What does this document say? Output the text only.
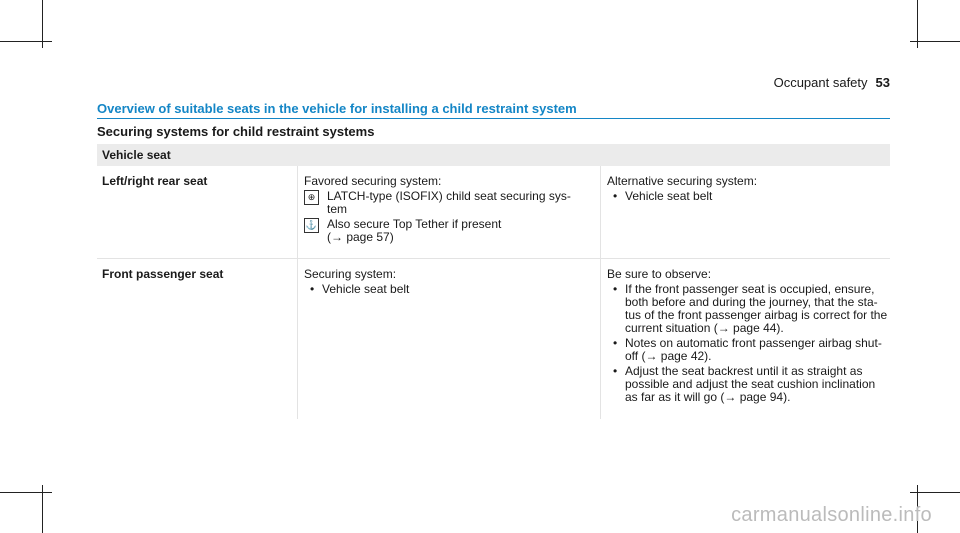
Occupant safety 53
Overview of suitable seats in the vehicle for installing a child restraint system
Securing systems for child restraint systems
Vehicle seat
Left/right rear seat	Favored securing system:
⊕ LATCH-type (ISOFIX) child seat securing sys-
tem
⚓ Also secure Top Tether if present
(→ page 57)
Alternative securing system:
• Vehicle seat belt
Front passenger seat	Securing system:
• Vehicle seat belt
Be sure to observe:
• If the front passenger seat is occupied, ensure,
both before and during the journey, that the sta-
tus of the front passenger airbag is correct for the
current situation (→ page 44).
• Notes on automatic front passenger airbag shut-
off (→ page 42).
• Adjust the seat backrest until it as straight as
possible and adjust the seat cushion inclination
as far as it will go (→ page 94).
carmanualsonline.info
